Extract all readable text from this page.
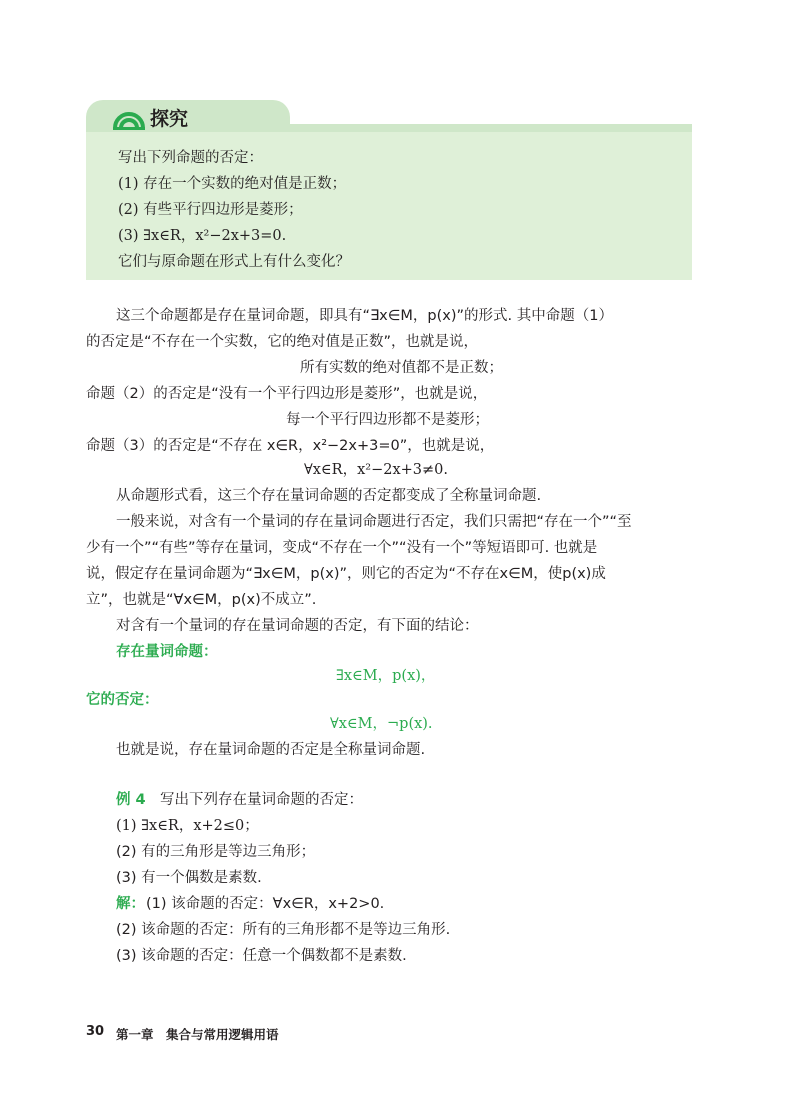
探究
写出下列命题的否定：
(1) 存在一个实数的绝对值是正数；
(2) 有些平行四边形是菱形；
(3) ∃x∈R，x²−2x+3=0.
它们与原命题在形式上有什么变化？
这三个命题都是存在量词命题，即具有“∃x∈M，p(x)”的形式. 其中命题（1）
的否定是“不存在一个实数，它的绝对值是正数”，也就是说，
所有实数的绝对值都不是正数；
命题（2）的否定是“没有一个平行四边形是菱形”，也就是说，
每一个平行四边形都不是菱形；
命题（3）的否定是“不存在 x∈R，x²−2x+3=0”，也就是说，
∀x∈R，x²−2x+3≠0.
从命题形式看，这三个存在量词命题的否定都变成了全称量词命题.
一般来说，对含有一个量词的存在量词命题进行否定，我们只需把“存在一个”“至
少有一个”“有些”等存在量词，变成“不存在一个”“没有一个”等短语即可. 也就是
说，假定存在量词命题为“∃x∈M，p(x)”，则它的否定为“不存在x∈M，使p(x)成
立”，也就是“∀x∈M，p(x)不成立”.
对含有一个量词的存在量词命题的否定，有下面的结论：
存在量词命题：
∃x∈M，p(x)，
它的否定：
∀x∈M，¬p(x).
也就是说，存在量词命题的否定是全称量词命题.
例 4 写出下列存在量词命题的否定：
(1) ∃x∈R，x+2≤0；
(2) 有的三角形是等边三角形；
(3) 有一个偶数是素数.
解： (1) 该命题的否定：∀x∈R，x+2>0.
(2) 该命题的否定：所有的三角形都不是等边三角形.
(3) 该命题的否定：任意一个偶数都不是素数.
30 第一章　集合与常用逻辑用语
